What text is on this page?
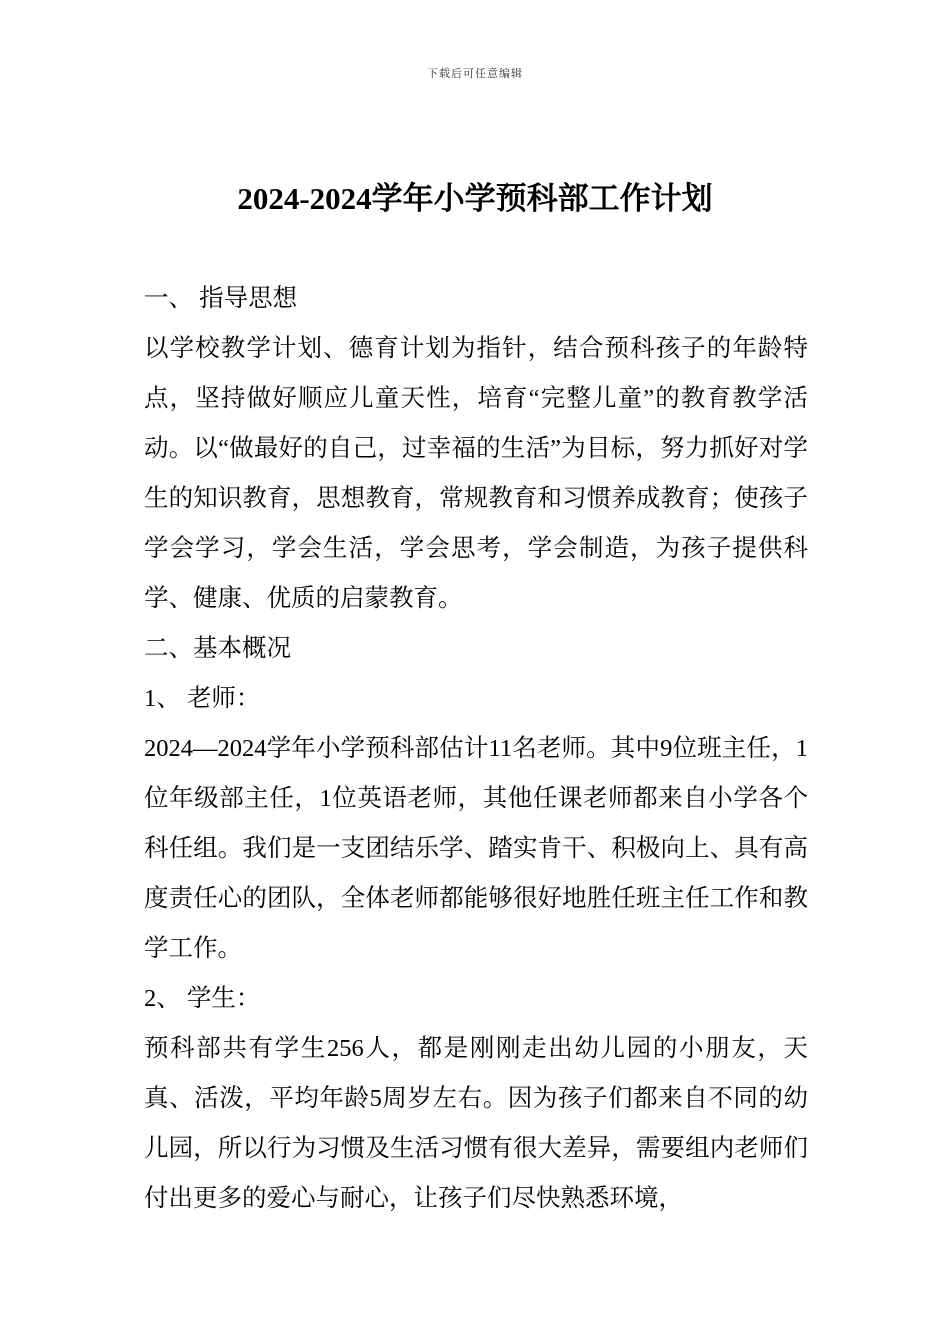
下载后可任意编辑
2024-2024学年小学预科部工作计划

一、 指导思想

以学校教学计划、德育计划为指针，结合预科孩子的年龄特点，坚持做好顺应儿童天性，培育“完整儿童”的教育教学活动。以“做最好的自己，过幸福的生活”为目标，努力抓好对学生的知识教育，思想教育，常规教育和习惯养成教育；使孩子学会学习，学会生活，学会思考，学会制造，为孩子提供科学、健康、优质的启蒙教育。

二、基本概况

1、 老师：

2024—2024学年小学预科部估计11名老师。其中9位班主任，1位年级部主任，1位英语老师，其他任课老师都来自小学各个科任组。我们是一支团结乐学、踏实肯干、积极向上、具有高度责任心的团队，全体老师都能够很好地胜任班主任工作和教学工作。

2、 学生：

预科部共有学生256人，都是刚刚走出幼儿园的小朋友，天真、活泼，平均年龄5周岁左右。因为孩子们都来自不同的幼儿园，所以行为习惯及生活习惯有很大差异，需要组内老师们付出更多的爱心与耐心，让孩子们尽快熟悉环境，
